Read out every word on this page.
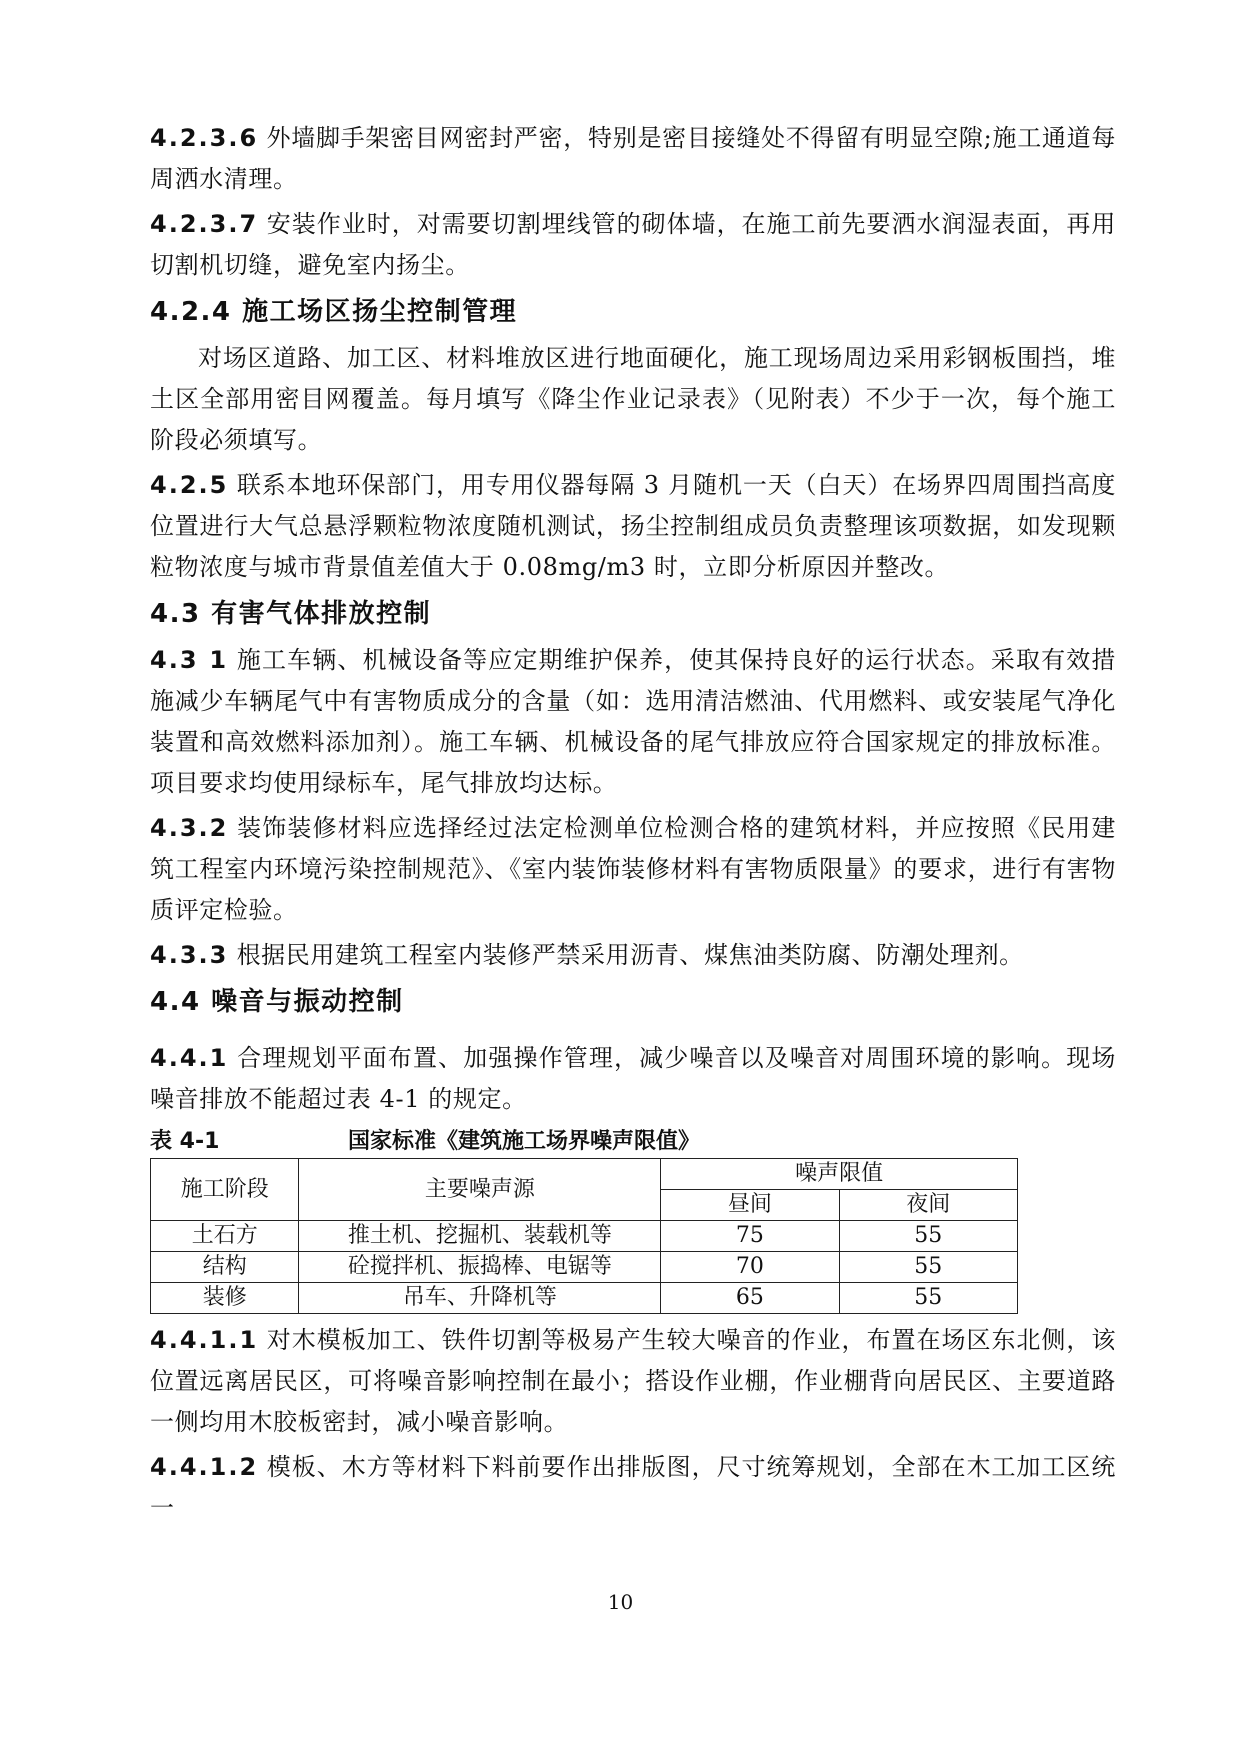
4.2.3.6 外墙脚手架密目网密封严密，特别是密目接缝处不得留有明显空隙;施工通道每周洒水清理。

4.2.3.7 安装作业时，对需要切割埋线管的砌体墙，在施工前先要洒水润湿表面，再用切割机切缝，避免室内扬尘。

4.2.4 施工场区扬尘控制管理

对场区道路、加工区、材料堆放区进行地面硬化，施工现场周边采用彩钢板围挡，堆土区全部用密目网覆盖。每月填写《降尘作业记录表》（见附表）不少于一次，每个施工阶段必须填写。

4.2.5 联系本地环保部门，用专用仪器每隔 3 月随机一天（白天）在场界四周围挡高度位置进行大气总悬浮颗粒物浓度随机测试，扬尘控制组成员负责整理该项数据，如发现颗粒物浓度与城市背景值差值大于 0.08mg/m3 时，立即分析原因并整改。

4.3 有害气体排放控制

4.3 1 施工车辆、机械设备等应定期维护保养，使其保持良好的运行状态。采取有效措施减少车辆尾气中有害物质成分的含量（如：选用清洁燃油、代用燃料、或安装尾气净化装置和高效燃料添加剂）。施工车辆、机械设备的尾气排放应符合国家规定的排放标准。项目要求均使用绿标车，尾气排放均达标。

4.3.2 装饰装修材料应选择经过法定检测单位检测合格的建筑材料，并应按照《民用建筑工程室内环境污染控制规范》、《室内装饰装修材料有害物质限量》的要求，进行有害物质评定检验。

4.3.3 根据民用建筑工程室内装修严禁采用沥青、煤焦油类防腐、防潮处理剂。

4.4 噪音与振动控制

4.4.1 合理规划平面布置、加强操作管理，减少噪音以及噪音对周围环境的影响。现场噪音排放不能超过表 4-1 的规定。

表 4-1	国家标准《建筑施工场界噪声限值》
施工阶段	主要噪声源	噪声限值	
		昼间	夜间
土石方	推土机、挖掘机、装载机等	75	55
结构	砼搅拌机、振捣棒、电锯等	70	55
装修	吊车、升降机等	65	55

4.4.1.1 对木模板加工、铁件切割等极易产生较大噪音的作业，布置在场区东北侧，该位置远离居民区，可将噪音影响控制在最小；搭设作业棚，作业棚背向居民区、主要道路一侧均用木胶板密封，减小噪音影响。

4.4.1.2 模板、木方等材料下料前要作出排版图，尺寸统筹规划，全部在木工加工区统一

10
